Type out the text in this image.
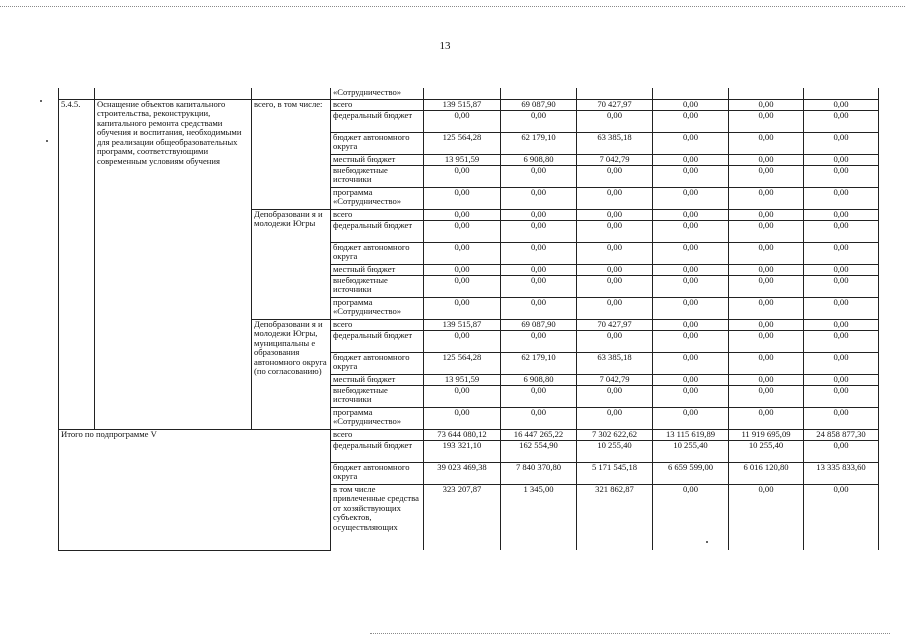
13
			«Сотрудничество»						
5.4.5.	Оснащение объектов капитального строительства, реконструкции, капитального ремонта средствами обучения и воспитания, необходимыми для реализации общеобразовательных программ, соответствующими современным условиям обучения	всего, в том числе:	всего	139 515,87	69 087,90	70 427,97	0,00	0,00	0,00
			федеральный бюджет	0,00	0,00	0,00	0,00	0,00	0,00
			бюджет автономного округа	125 564,28	62 179,10	63 385,18	0,00	0,00	0,00
			местный бюджет	13 951,59	6 908,80	7 042,79	0,00	0,00	0,00
			внебюджетные источники	0,00	0,00	0,00	0,00	0,00	0,00
			программа «Сотрудничество»	0,00	0,00	0,00	0,00	0,00	0,00
		Депобразовани я и молодежи Югры	всего	0,00	0,00	0,00	0,00	0,00	0,00
			федеральный бюджет	0,00	0,00	0,00	0,00	0,00	0,00
			бюджет автономного округа	0,00	0,00	0,00	0,00	0,00	0,00
			местный бюджет	0,00	0,00	0,00	0,00	0,00	0,00
			внебюджетные источники	0,00	0,00	0,00	0,00	0,00	0,00
			программа «Сотрудничество»	0,00	0,00	0,00	0,00	0,00	0,00
		Депобразовани я и молодежи Югры, муниципальны е образования автономного округа (по согласованию)	всего	139 515,87	69 087,90	70 427,97	0,00	0,00	0,00
			федеральный бюджет	0,00	0,00	0,00	0,00	0,00	0,00
			бюджет автономного округа	125 564,28	62 179,10	63 385,18	0,00	0,00	0,00
			местный бюджет	13 951,59	6 908,80	7 042,79	0,00	0,00	0,00
			внебюджетные источники	0,00	0,00	0,00	0,00	0,00	0,00
			программа «Сотрудничество»	0,00	0,00	0,00	0,00	0,00	0,00
Итого по подпрограмме V			всего	73 644 080,12	16 447 265,22	7 302 622,62	13 115 619,89	11 919 695,09	24 858 877,30
			федеральный бюджет	193 321,10	162 554,90	10 255,40	10 255,40	10 255,40	0,00
			бюджет автономного округа	39 023 469,38	7 840 370,80	5 171 545,18	6 659 599,00	6 016 120,80	13 335 833,60
			в том числе привлеченные средства от хозяйствующих субъектов, осуществляющих	323 207,87	1 345,00	321 862,87	0,00	0,00	0,00
